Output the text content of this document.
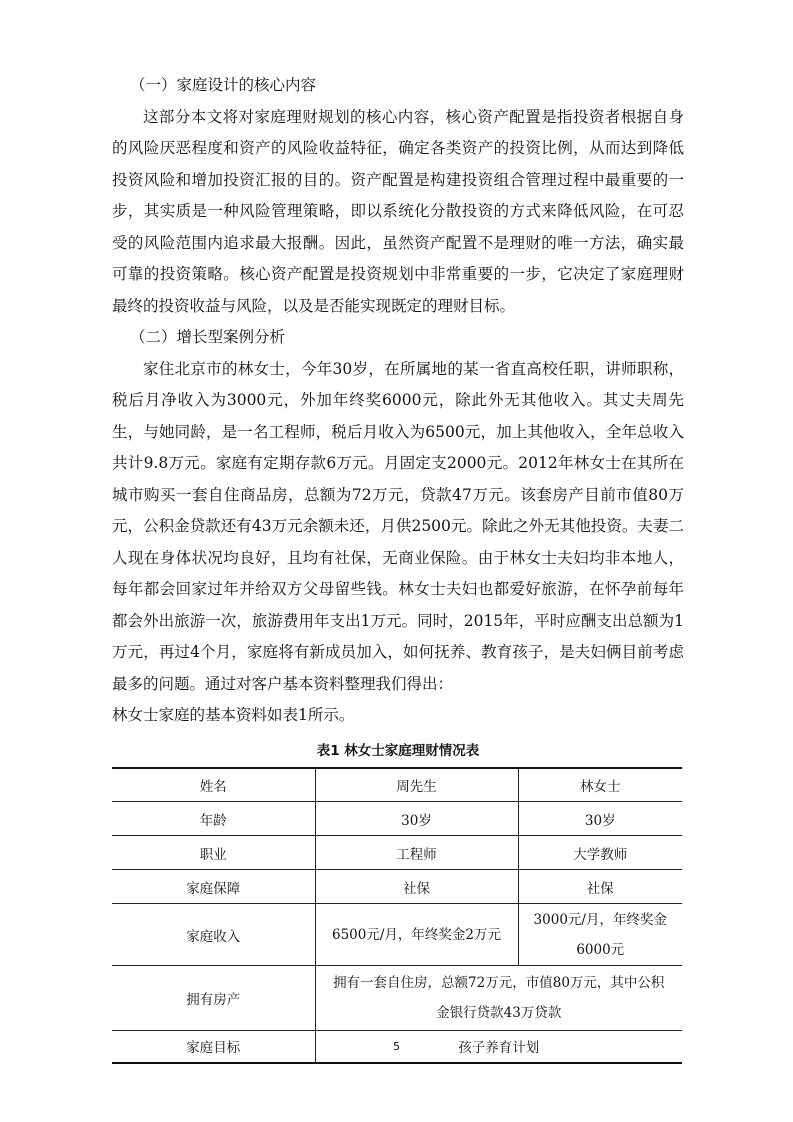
（一）家庭设计的核心内容

这部分本文将对家庭理财规划的核心内容，核心资产配置是指投资者根据自身的风险厌恶程度和资产的风险收益特征，确定各类资产的投资比例，从而达到降低投资风险和增加投资汇报的目的。资产配置是构建投资组合管理过程中最重要的一步，其实质是一种风险管理策略，即以系统化分散投资的方式来降低风险，在可忍受的风险范围内追求最大报酬。因此，虽然资产配置不是理财的唯一方法，确实最可靠的投资策略。核心资产配置是投资规划中非常重要的一步，它决定了家庭理财最终的投资收益与风险，以及是否能实现既定的理财目标。

（二）增长型案例分析

家住北京市的林女士，今年30岁，在所属地的某一省直高校任职，讲师职称，税后月净收入为3000元，外加年终奖6000元，除此外无其他收入。其丈夫周先生，与她同龄，是一名工程师，税后月收入为6500元，加上其他收入，全年总收入共计9.8万元。家庭有定期存款6万元。月固定支2000元。2012年林女士在其所在城市购买一套自住商品房，总额为72万元，贷款47万元。该套房产目前市值80万元，公积金贷款还有43万元余额未还，月供2500元。除此之外无其他投资。夫妻二人现在身体状况均良好，且均有社保，无商业保险。由于林女士夫妇均非本地人，每年都会回家过年并给双方父母留些钱。林女士夫妇也都爱好旅游，在怀孕前每年都会外出旅游一次，旅游费用年支出1万元。同时，2015年，平时应酬支出总额为1万元，再过4个月，家庭将有新成员加入，如何抚养、教育孩子，是夫妇俩目前考虑最多的问题。通过对客户基本资料整理我们得出：

林女士家庭的基本资料如表1所示。

表1 林女士家庭理财情况表

姓名	周先生	林女士
年龄	30岁	30岁
职业	工程师	大学教师
家庭保障	社保	社保
家庭收入	6500元/月，年终奖金2万元	3000元/月，年终奖金6000元
拥有房产	拥有一套自住房，总额72万元，市值80万元，其中公积金银行贷款43万贷款	
家庭目标	孩子养育计划	
5
